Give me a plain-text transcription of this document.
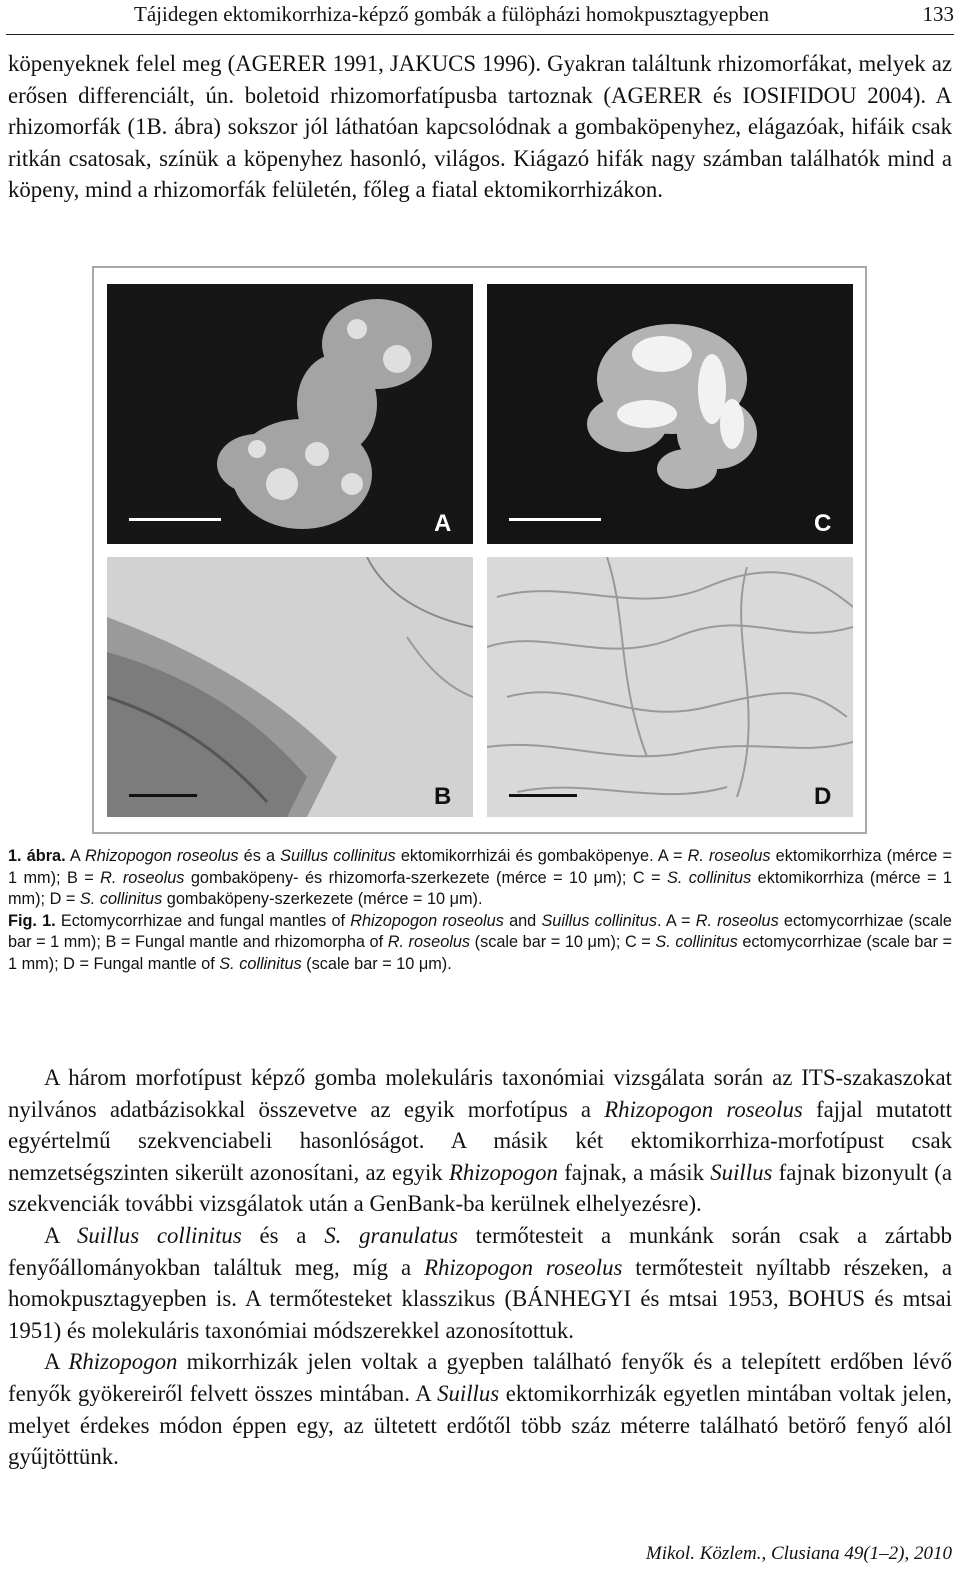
Tájidegen ektomikorrhiza-képző gombák a fülöpházi homokpusztagyepben	133

köpenyeknek felel meg (AGERER 1991, JAKUCS 1996). Gyakran találtunk rhizomorfákat, melyek az erősen differenciált, ún. boletoid rhizomorfatípusba tartoznak (AGERER és IOSIFIDOU 2004). A rhizomorfák (1B. ábra) sokszor jól láthatóan kapcsolódnak a gombaköpenyhez, elágazóak, hifáik csak ritkán csatosak, színük a köpenyhez hasonló, világos. Kiágazó hifák nagy számban találhatók mind a köpeny, mind a rhizomorfák felületén, főleg a fiatal ektomikorrhizákon.

A	C
B	D

1. ábra. A Rhizopogon roseolus és a Suillus collinitus ektomikorrhizái és gombaköpenye. A = R. roseolus ektomikorrhiza (mérce = 1 mm); B = R. roseolus gombaköpeny- és rhizomorfa-szerkezete (mérce = 10 μm); C = S. collinitus ektomikorrhiza (mérce = 1 mm); D = S. collinitus gombaköpeny-szerkezete (mérce = 10 μm).

Fig. 1. Ectomycorrhizae and fungal mantles of Rhizopogon roseolus and Suillus collinitus. A = R. roseolus ectomycorrhizae (scale bar = 1 mm); B = Fungal mantle and rhizomorpha of R. roseolus (scale bar = 10 μm); C = S. collinitus ectomycorrhizae (scale bar = 1 mm); D = Fungal mantle of S. collinitus (scale bar = 10 μm).

A három morfotípust képző gomba molekuláris taxonómiai vizsgálata során az ITS-szakaszokat nyilvános adatbázisokkal összevetve az egyik morfotípus a Rhizopogon roseolus fajjal mutatott egyértelmű szekvenciabeli hasonlóságot. A másik két ektomikorrhiza-morfotípust csak nemzetségszinten sikerült azonosítani, az egyik Rhizopogon fajnak, a másik Suillus fajnak bizonyult (a szekvenciák további vizsgálatok után a GenBank-ba kerülnek elhelyezésre).

A Suillus collinitus és a S. granulatus termőtesteit a munkánk során csak a zártabb fenyőállományokban találtuk meg, míg a Rhizopogon roseolus termőtesteit nyíltabb részeken, a homokpusztagyepben is. A termőtesteket klasszikus (BÁNHEGYI és mtsai 1953, BOHUS és mtsai 1951) és molekuláris taxonómiai módszerekkel azonosítottuk.

A Rhizopogon mikorrhizák jelen voltak a gyepben található fenyők és a telepített erdőben lévő fenyők gyökereiről felvett összes mintában. A Suillus ektomikorrhizák egyetlen mintában voltak jelen, melyet érdekes módon éppen egy, az ültetett erdőtől több száz méterre található betörő fenyő alól gyűjtöttünk.

Mikol. Közlem., Clusiana 49(1–2), 2010
